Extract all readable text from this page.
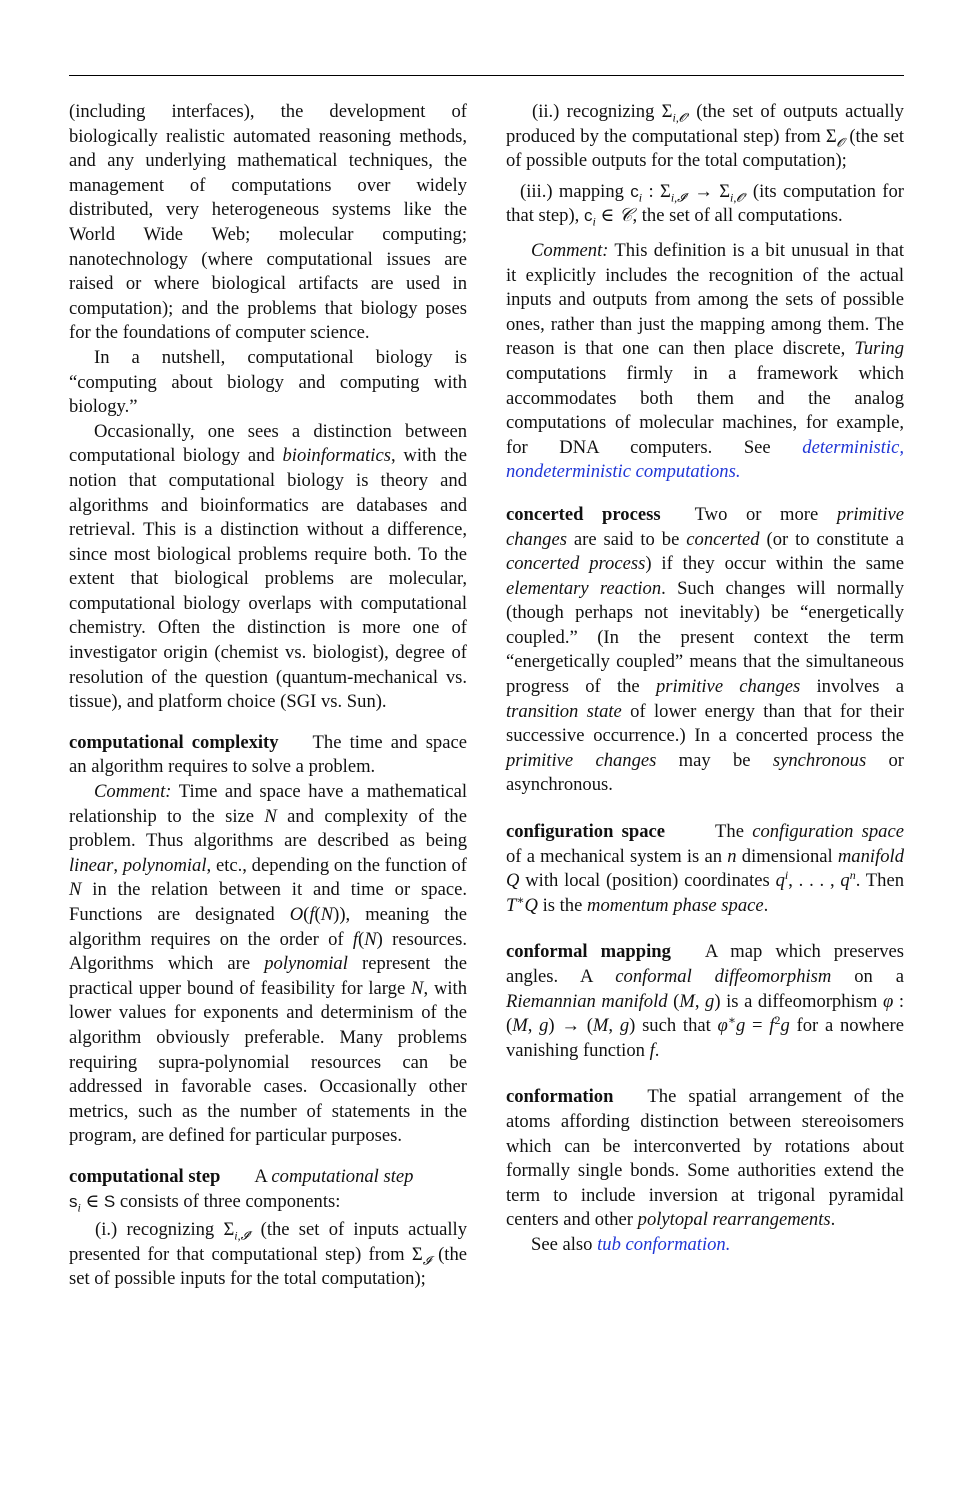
(including interfaces), the development of biologically realistic automated reasoning methods, and any underlying mathematical techniques, the management of computations over widely distributed, very heterogeneous systems like the World Wide Web; molecular computing; nanotechnology (where computational issues are raised or where biological artifacts are used in computation); and the problems that biology poses for the foundations of computer science.

In a nutshell, computational biology is “computing about biology and computing with biology.”

Occasionally, one sees a distinction between computational biology and bioinformatics, with the notion that computational biology is theory and algorithms and bioinformatics are databases and retrieval. This is a distinction without a difference, since most biological problems require both. To the extent that biological problems are molecular, computational biology overlaps with computational chemistry. Often the distinction is more one of investigator origin (chemist vs. biologist), degree of resolution of the question (quantum-mechanical vs. tissue), and platform choice (SGI vs. Sun).

computational complexity The time and space an algorithm requires to solve a problem.

Comment: Time and space have a mathematical relationship to the size N and complexity of the problem. Thus algorithms are described as being linear, polynomial, etc., depending on the function of N in the relation between it and time or space. Functions are designated O(f(N)), meaning the algorithm requires on the order of f(N) resources. Algorithms which are polynomial represent the practical upper bound of feasibility for large N, with lower values for exponents and determinism of the algorithm obviously preferable. Many problems requiring supra-polynomial resources can be addressed in favorable cases. Occasionally other metrics, such as the number of statements in the program, are defined for particular purposes.

computational step A computational step
$s_i$ ∈ S consists of three components:

(i.) recognizing $\Sigma_{i,𝓘'}$ (the set of inputs actually presented for that computational step) from $\Sigma_𝓘$ (the set of possible inputs for the total computation);

(ii.) recognizing $\Sigma_{i,𝓞'}$ (the set of outputs actually produced by the computational step) from $\Sigma_𝓞$ (the set of possible outputs for the total computation);

(iii.) mapping $c_i$ : $\Sigma_{i,𝓘'} \to \Sigma_{i,𝓞'}$ (its computation for that step), $c_i$ ∈ 𝒞, the set of all computations.

Comment: This definition is a bit unusual in that it explicitly includes the recognition of the actual inputs and outputs from among the sets of possible ones, rather than just the mapping among them. The reason is that one can then place discrete, Turing computations firmly in a framework which accommodates both them and the analog computations of molecular machines, for example, for DNA computers. See deterministic, nondeterministic computations.

concerted process Two or more primitive changes are said to be concerted (or to constitute a concerted process) if they occur within the same elementary reaction. Such changes will normally (though perhaps not inevitably) be “energetically coupled.” (In the present context the term “energetically coupled” means that the simultaneous progress of the primitive changes involves a transition state of lower energy than that for their successive occurrence.) In a concerted process the primitive changes may be synchronous or asynchronous.

configuration space	The configuration space of a mechanical system is an n dimensional manifold Q with local (position) coordinates $q^i$, . . . , $q^n$. Then T∗Q is the momentum phase space.

conformal mapping A map which preserves angles. A conformal diffeomorphism on a Riemannian manifold (M, g) is a diffeomorphism φ : (M, g) → (M, g) such that $\varphi^∗g = f^2g$ for a nowhere vanishing function f.

conformation The spatial arrangement of the atoms affording distinction between stereoisomers which can be interconverted by rotations about formally single bonds. Some authorities extend the term to include inversion at trigonal pyramidal centers and other polytopal rearrangements.

See also tub conformation.
